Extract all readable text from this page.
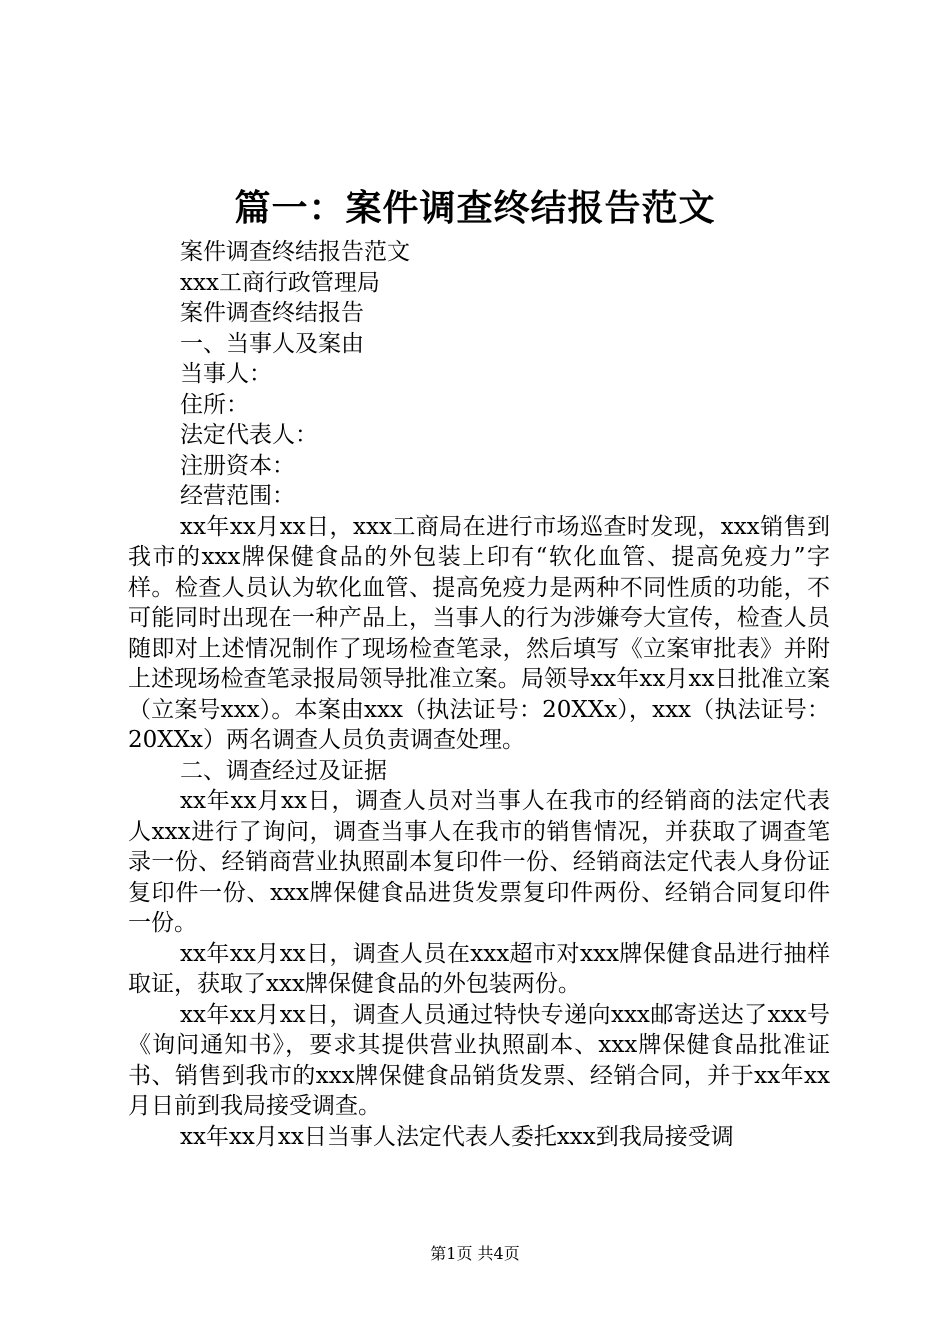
篇一：案件调查终结报告范文
案件调查终结报告范文
xxx工商行政管理局
案件调查终结报告
一、当事人及案由
当事人：
住所：
法定代表人：
注册资本：
经营范围：

xx年xx月xx日，xxx工商局在进行市场巡查时发现，xxx销售到我市的xxx牌保健食品的外包装上印有“软化血管、提高免疫力”字样。检查人员认为软化血管、提高免疫力是两种不同性质的功能，不可能同时出现在一种产品上，当事人的行为涉嫌夸大宣传，检查人员随即对上述情况制作了现场检查笔录，然后填写《立案审批表》并附上述现场检查笔录报局领导批准立案。局领导xx年xx月xx日批准立案（立案号xxx）。本案由xxx（执法证号：20XXx），xxx（执法证号：20XXx）两名调查人员负责调查处理。

二、调查经过及证据

xx年xx月xx日，调查人员对当事人在我市的经销商的法定代表人xxx进行了询问，调查当事人在我市的销售情况，并获取了调查笔录一份、经销商营业执照副本复印件一份、经销商法定代表人身份证复印件一份、xxx牌保健食品进货发票复印件两份、经销合同复印件一份。

xx年xx月xx日，调查人员在xxx超市对xxx牌保健食品进行抽样取证，获取了xxx牌保健食品的外包装两份。

xx年xx月xx日，调查人员通过特快专递向xxx邮寄送达了xxx号《询问通知书》，要求其提供营业执照副本、xxx牌保健食品批准证书、销售到我市的xxx牌保健食品销货发票、经销合同，并于xx年xx月日前到我局接受调查。

xx年xx月xx日当事人法定代表人委托xxx到我局接受调

第1页 共4页
